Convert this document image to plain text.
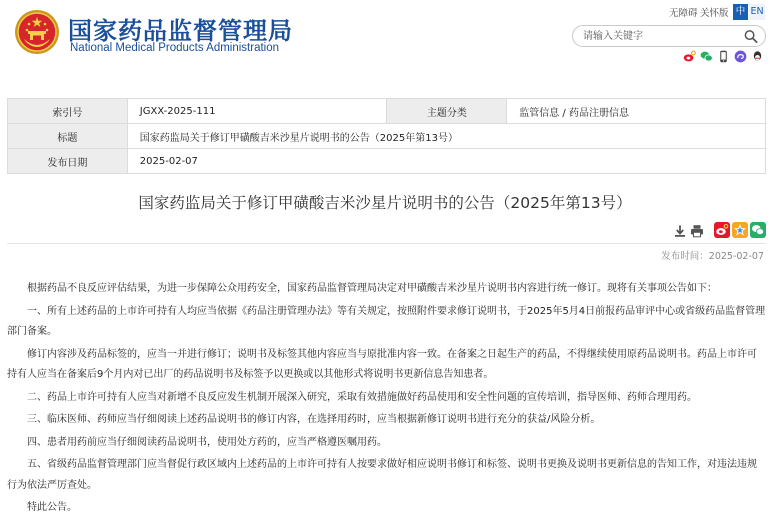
国家药品监督管理局
National Medical Products Administration
无障碍 关怀版 中 EN
请输入关键字
索引号	JGXX-2025-111	主题分类	监管信息 / 药品注册信息
标题	国家药监局关于修订甲磺酸吉米沙星片说明书的公告（2025年第13号）		
发布日期	2025-02-07		
国家药监局关于修订甲磺酸吉米沙星片说明书的公告（2025年第13号）
发布时间：2025-02-07

根据药品不良反应评估结果，为进一步保障公众用药安全，国家药品监督管理局决定对甲磺酸吉米沙星片说明书内容进行统一修订。现将有关事项公告如下：

一、所有上述药品的上市许可持有人均应当依据《药品注册管理办法》等有关规定，按照附件要求修订说明书，于2025年5月4日前报药品审评中心或省级药品监督管理部门备案。

修订内容涉及药品标签的，应当一并进行修订；说明书及标签其他内容应当与原批准内容一致。在备案之日起生产的药品，不得继续使用原药品说明书。药品上市许可持有人应当在备案后9个月内对已出厂的药品说明书及标签予以更换或以其他形式将说明书更新信息告知患者。

二、药品上市许可持有人应当对新增不良反应发生机制开展深入研究，采取有效措施做好药品使用和安全性问题的宣传培训，指导医师、药师合理用药。

三、临床医师、药师应当仔细阅读上述药品说明书的修订内容，在选择用药时，应当根据新修订说明书进行充分的获益/风险分析。

四、患者用药前应当仔细阅读药品说明书，使用处方药的，应当严格遵医嘱用药。

五、省级药品监督管理部门应当督促行政区域内上述药品的上市许可持有人按要求做好相应说明书修订和标签、说明书更换及说明书更新信息的告知工作，对违法违规行为依法严厉查处。

特此公告。
